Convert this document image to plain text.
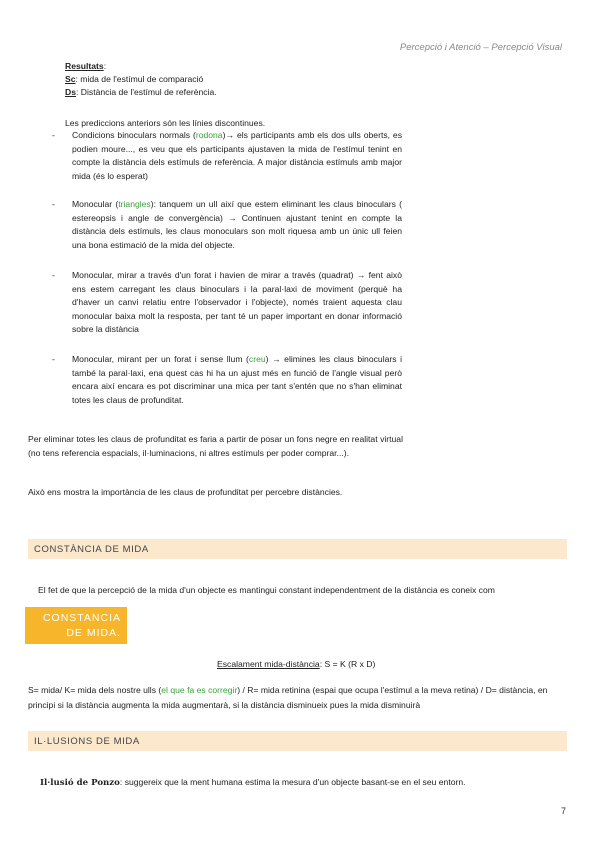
Percepció i Atenció – Percepció Visual
Resultats:
Sc: mida de l'estímul de comparació
Ds: Distància de l'estímul de referència.
Les prediccions anteriors són les línies discontinues.
- Condicions binoculars normals (rodona)→ els participants amb els dos ulls oberts, es podien moure..., es veu que els participants ajustaven la mida de l'estímul tenint en compte la distància dels estímuls de referència. A major distància estímuls amb major mida (és lo esperat)
- Monocular (triangles): tanquem un ull així que estem eliminant les claus binoculars ( estereopsis i angle de convergència) → Continuen ajustant tenint en compte la distància dels estímuls, les claus monoculars son molt riquesa amb un únic ull feien una bona estimació de la mida del objecte.
- Monocular, mirar a través d'un forat i havien de mirar a través (quadrat) → fent això ens estem carregant les claus binoculars i la paral·laxi de moviment (perquè ha d'haver un canvi relatiu entre l'observador i l'objecte), només traient aquesta clau monocular baixa molt la resposta, per tant té un paper important en donar informació sobre la distància
- Monocular, mirant per un forat i sense llum (creu) → elimines les claus binoculars i també la paral·laxi, ena quest cas hi ha un ajust més en funció de l'angle visual però encara així encara es pot discriminar una mica per tant s'entén que no s'han eliminat totes les claus de profunditat.
Per eliminar totes les claus de profunditat es faria a partir de posar un fons negre en realitat virtual (no tens referencia espacials, il·luminacions, ni altres estímuls per poder comprar...).
Això ens mostra la importància de les claus de profunditat per percebre distàncies.
CONSTÀNCIA DE MIDA
El fet de que la percepció de la mida d'un objecte es mantingui constant independentment de la distància es coneix com
CONSTANCIA
DE MIDA.
Escalament mida-distància: S = K (R x D)
S= mida/ K= mida dels nostre ulls (el que fa es corregir) / R= mida retinina (espai que ocupa l'estímul a la meva retina) / D= distància, en principi si la distància augmenta la mida augmentarà, si la distància disminueix pues la mida disminuirà
IL·LUSIONS DE MIDA
Il·lusió de Ponzo: suggereix que la ment humana estima la mesura d'un objecte basant-se en el seu entorn.
7
